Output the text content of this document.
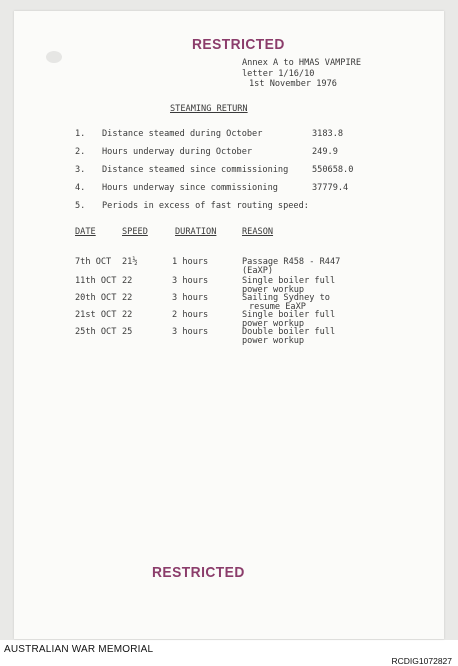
RESTRICTED
Annex A to HMAS VAMPIRE
letter 1/16/10
1st November 1976
STEAMING RETURN
1. Distance steamed during October	3183.8
2. Hours underway during October	249.9
3. Distance steamed since commissioning	550658.0
4. Hours underway since commissioning	37779.4
5. Periods in excess of fast routing speed:
DATE	SPEED	DURATION	REASON
7th OCT 21½	1 hours	Passage R458 - R447
(EaXP)
11th OCT 22	3 hours	Single boiler full
power workup
20th OCT 22	3 hours	Sailing Sydney to
resume EaXP
21st OCT 22	2 hours	Single boiler full
power workup
25th OCT 25	3 hours	Double boiler full
power workup
RESTRICTED
AUSTRALIAN WAR MEMORIAL
RCDIG1072827
